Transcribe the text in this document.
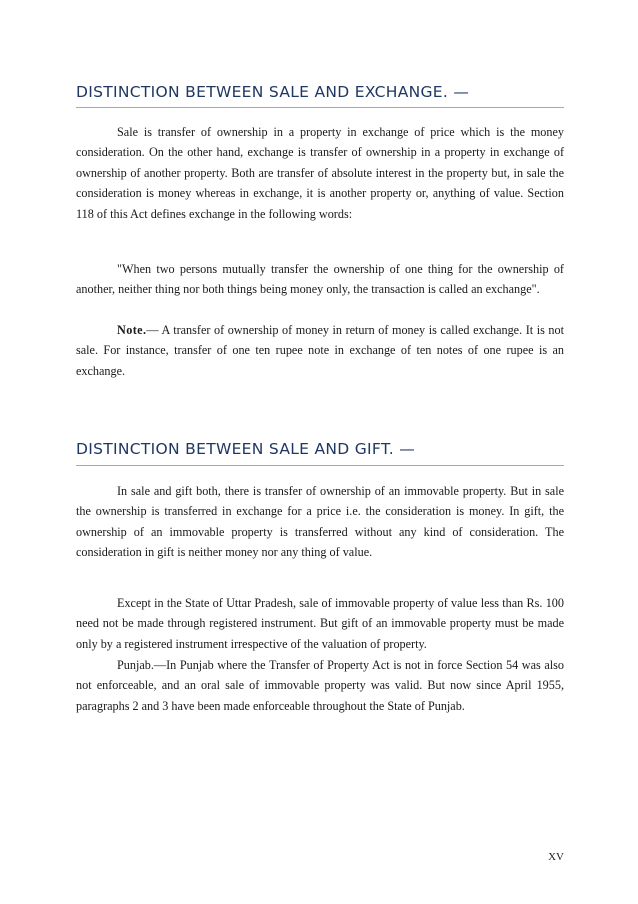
DISTINCTION BETWEEN SALE AND EXCHANGE. —

Sale is transfer of ownership in a property in exchange of price which is the money consideration. On the other hand, exchange is transfer of ownership in a property in exchange of ownership of another property. Both are transfer of absolute interest in the property but, in sale the consideration is money whereas in exchange, it is another property or, anything of value. Section 118 of this Act defines exchange in the following words:

"When two persons mutually transfer the ownership of one thing for the ownership of another, neither thing nor both things being money only, the transaction is called an exchange".

Note.— A transfer of ownership of money in return of money is called exchange. It is not sale. For instance, transfer of one ten rupee note in exchange of ten notes of one rupee is an exchange.

DISTINCTION BETWEEN SALE AND GIFT. —

In sale and gift both, there is transfer of ownership of an immovable property. But in sale the ownership is transferred in exchange for a price i.e. the consideration is money. In gift, the ownership of an immovable property is transferred without any kind of consideration. The consideration in gift is neither money nor any thing of value.

Except in the State of Uttar Pradesh, sale of immovable property of value less than Rs. 100 need not be made through registered instrument. But gift of an immovable property must be made only by a registered instrument irrespective of the valuation of property.

Punjab.—In Punjab where the Transfer of Property Act is not in force Section 54 was also not enforceable, and an oral sale of immovable property was valid. But now since April 1955, paragraphs 2 and 3 have been made enforceable throughout the State of Punjab.

XV
